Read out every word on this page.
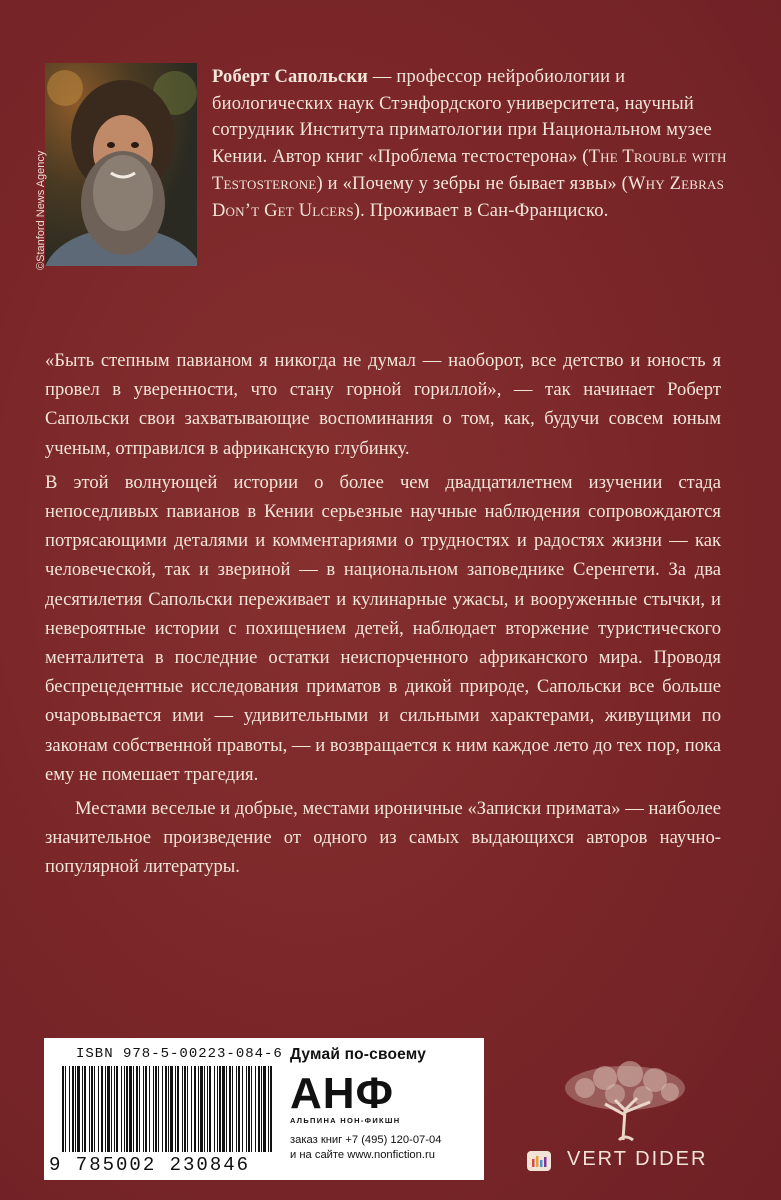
©Stanford News Agency
Роберт Сапольски — профессор нейробиологии и биологических наук Стэнфордского университета, научный сотрудник Института приматологии при Национальном музее Кении. Автор книг «Проблема тестостерона» (The Trouble with Testosterone) и «Почему у зебры не бывает язвы» (Why Zebras Don’t Get Ulcers). Проживает в Сан-Франциско.

«Быть степным павианом я никогда не думал — наоборот, все детство и юность я провел в уверенности, что стану горной гориллой», — так начинает Роберт Сапольски свои захватывающие воспоминания о том, как, будучи совсем юным ученым, отправился в африканскую глубинку.

В этой волнующей истории о более чем двадцатилетнем изучении стада непоседливых павианов в Кении серьезные научные наблюдения сопровождаются потрясающими деталями и комментариями о трудностях и радостях жизни — как человеческой, так и звериной — в национальном заповеднике Серенгети. За два десятилетия Сапольски переживает и кулинарные ужасы, и вооруженные стычки, и невероятные истории с похищением детей, наблюдает вторжение туристического менталитета в последние остатки неиспорченного африканского мира. Проводя беспрецедентные исследования приматов в дикой природе, Сапольски все больше очаровывается ими — удивительными и сильными характерами, живущими по законам собственной правоты, — и возвращается к ним каждое лето до тех пор, пока ему не помешает трагедия.

Местами веселые и добрые, местами ироничные «Записки примата» — наиболее значительное произведение от одного из самых выдающихся авторов научно-популярной литературы.

ISBN 978-5-00223-084-6
9 785002 230846
Думай по-своему
АНФ
АЛЬПИНА НОН-ФИКШН
заказ книг +7 (495) 120-07-04
и на сайте www.nonfiction.ru	VERT DIDER
